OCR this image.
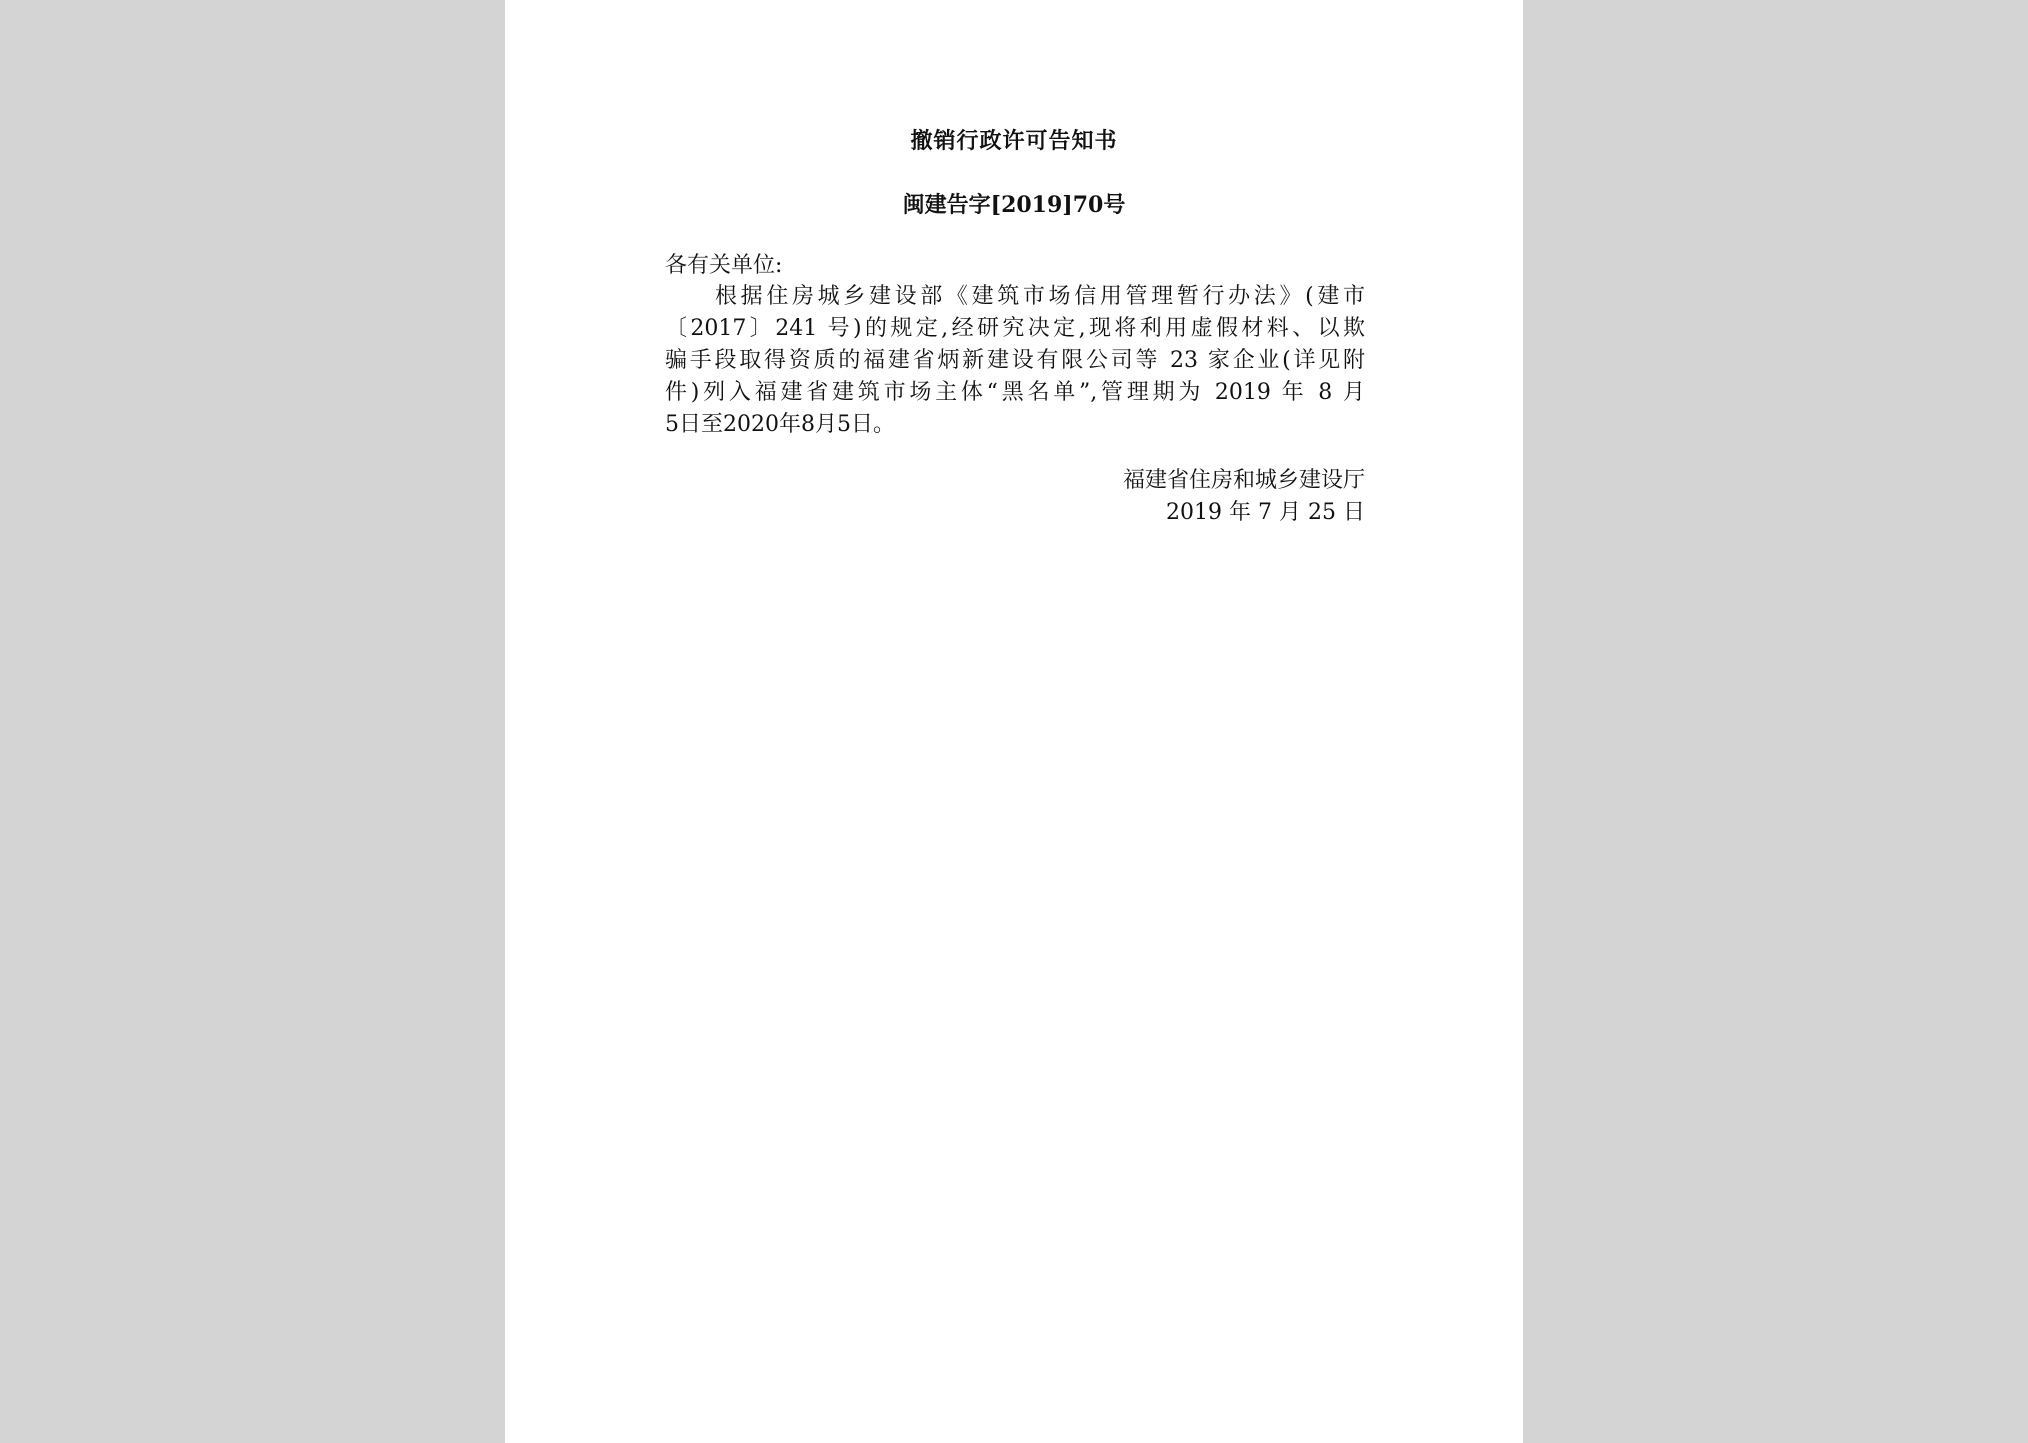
撤销行政许可告知书
闽建告字[2019]70号
各有关单位:
根据住房城乡建设部《建筑市场信用管理暂行办法》(建市
〔2017〕241 号)的规定,经研究决定,现将利用虚假材料、以欺
骗手段取得资质的福建省炳新建设有限公司等 23 家企业(详见附
件)列入福建省建筑市场主体“黑名单”,管理期为 2019 年 8 月
5日至2020年8月5日。
福建省住房和城乡建设厅
2019 年 7 月 25 日
